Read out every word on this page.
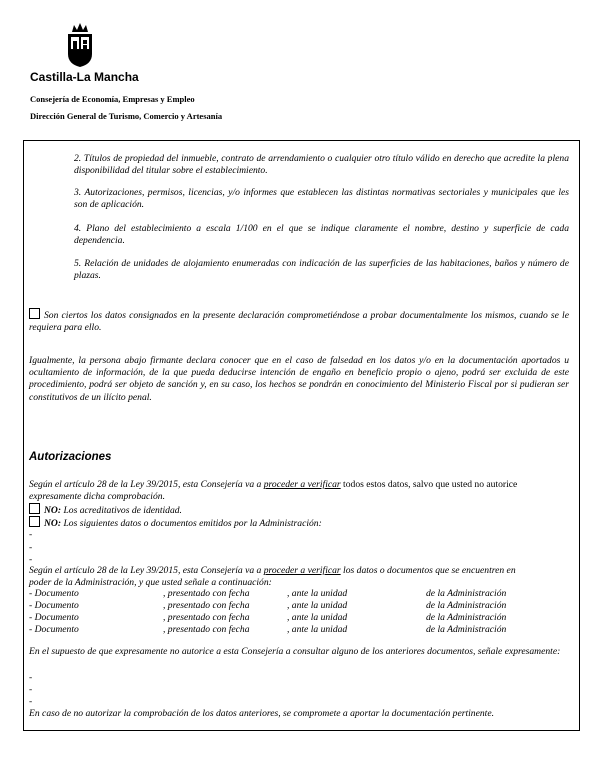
Castilla-La Mancha
Consejería de Economía, Empresas y Empleo
Dirección General de Turismo, Comercio y Artesanía

2. Títulos de propiedad del inmueble, contrato de arrendamiento o cualquier otro título válido en derecho que acredite la plena disponibilidad del titular sobre el establecimiento.

3. Autorizaciones, permisos, licencias, y/o informes que establecen las distintas normativas sectoriales y municipales que les son de aplicación.

4. Plano del establecimiento a escala 1/100 en el que se indique claramente el nombre, destino y superficie de cada dependencia.

5. Relación de unidades de alojamiento enumeradas con indicación de las superficies de las habitaciones, baños y número de plazas.

Son ciertos los datos consignados en la presente declaración comprometiéndose a probar documentalmente los mismos, cuando se le requiera para ello.

Igualmente, la persona abajo firmante declara conocer que en el caso de falsedad en los datos y/o en la documentación aportados u ocultamiento de información, de la que pueda deducirse intención de engaño en beneficio propio o ajeno, podrá ser excluida de este procedimiento, podrá ser objeto de sanción y, en su caso, los hechos se pondrán en conocimiento del Ministerio Fiscal por si pudieran ser constitutivos de un ilícito penal.

Autorizaciones
Según el artículo 28 de la Ley 39/2015, esta Consejería va a proceder a verificar todos estos datos, salvo que usted no autorice
expresamente dicha comprobación.
NO: Los acreditativos de identidad.
NO: Los siguientes datos o documentos emitidos por la Administración:
-
-
-
Según el artículo 28 de la Ley 39/2015, esta Consejería va a proceder a verificar los datos o documentos que se encuentren en
poder de la Administración, y que usted señale a continuación:
- Documento	, presentado con fecha	, ante la unidad	de la Administración
- Documento	, presentado con fecha	, ante la unidad	de la Administración
- Documento	, presentado con fecha	, ante la unidad	de la Administración
- Documento	, presentado con fecha	, ante la unidad	de la Administración

En el supuesto de que expresamente no autorice a esta Consejería a consultar alguno de los anteriores documentos, señale expresamente:

-
-
-
En caso de no autorizar la comprobación de los datos anteriores, se compromete a aportar la documentación pertinente.
